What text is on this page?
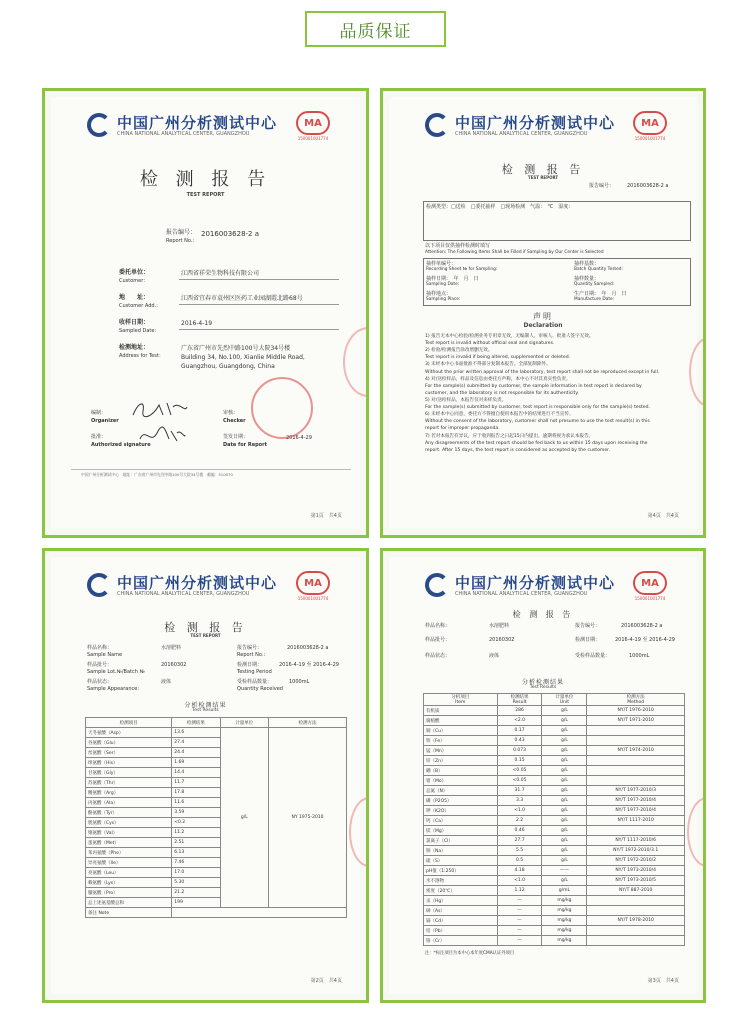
品质保证
中国广州分析测试中心
CHINA NATIONAL ANALYTICAL CENTER, GUANGZHOU
MA
150001001774
检 测 报 告
TEST REPORT
报告编号：
Report No.:
2016003628-2 a
委托单位：
Customer：
江西省祥荣生物科技有限公司
地　　址：
Customer Add.:
江西省宜春市袁州区医药工业园湖霞北路68号
收样日期：
Sampled Date:
2016-4-19
检测地址：
Address for Test：
广东省广州市先烈中路100号大院34号楼
Building 34, No.100, Xianlie Middle Road,
Guangzhou, Guangdong, China
编制：
Organizer
审核：
Checker
批准：
Authorized signature
签发日期：
Date for Report
2016-4-29
中国广州分析测试中心　地址：广东省广州市先烈中路100号大院34号楼　邮编：510070
第1页　共4页
中国广州分析测试中心
CHINA NATIONAL ANALYTICAL CENTER, GUANGZHOU
MA
150001001774
检 测 报 告
TEST REPORT
报告编号：	2016003628-2 a
检测类型：□送检　□委托抽样　□现场检测　气温：　℃　湿度：
以下项目仅供抽样检测时填写
Attention: The Following Items Shall be Filled if Sampling by Our Center is Selected
抽样单编号：
Recording Sheet № for Sampling:
抽样基数：
Batch Quantity Tested:
抽样日期：　年　月　日
Sampling Date:
抽样数量：
Quantity Sampled:
抽样地点：
Sampling Place:
生产日期：　年　月　日
Manufacture Date:
声明
Declaration

1) 报告无本中心检验/检测业务专用章无效，无编制人、审核人、批准人签字无效。

Test report is invalid without official seal and signatures.

2) 检验/检测报告涂改增删无效。

Test report is invalid if being altered, supplemented or deleted.

3) 未经本中心书面批准不得部分复制本报告。全部复制除外。

Without the prior written approval of the laboratory, test report shall not be reproduced except in full.

4) 对/送检样品，样品及信息由委托方声称，本中心不对其真实性负责。

For the sample(s) submitted by customer, the sample information in test report is declared by

customer, and the laboratory is not responsible for its authenticity.

5) 对/送检样品，本报告仅对来样负责。

For the sample(s) submitted by customer, test report is responsible only for the sample(s) tested.

6) 未经本中心同意，委托方不得擅自使用本报告中的结果进行不当宣传。

Without the consent of the laboratory, customer shall not presume to use the test result(s) in this

report for improper propaganda.

7) 若对本报告有异议，应于收到报告之日起15日内提出，逾期将视为承认本报告。

Any disagreements of the test report should be fed back to us within 15 days upon receiving the

report. After 15 days, the test report is considered as accepted by the customer.

第4页　共4页
中国广州分析测试中心
CHINA NATIONAL ANALYTICAL CENTER, GUANGZHOU
MA
150001001774
检 测 报 告
TEST REPORT
样品名称：
Sample Name
水溶肥料	报告编号：
Report No.:
2016003628-2 a
样品批号：
Sample Lot.№/Batch №
20160302	检测日期：
Testing Period
2016-4-19 至 2016-4-29
样品状态：
Sample Appearance:
液体	受检样品数量：
Quantity Received
1000mL
分析检测结果
Test Results
检测项目	检测结果	计量单位	检测方法
天冬氨酸（Asp）	13.6	g/L	NY 1975-2010
谷氨酸（Glu）	27.4		
丝氨酸（Ser）	24.4		
组氨酸（His）	1.69		
甘氨酸（Gly）	14.4		
苏氨酸（Thr）	11.7		
精氨酸（Arg）	17.8		
丙氨酸（Ala）	11.6		
酪氨酸（Tyr）	3.59		
胱氨酸（Cys）	<0.2		
缬氨酸（Val）	11.2		
蛋氨酸（Met）	2.51		
苯丙氨酸（Phe）	6.13		
异亮氨酸（Ile）	7.46		
亮氨酸（Leu）	17.0		
赖氨酸（Lys）	5.30		
脯氨酸（Pro）	21.2		
总上述氨基酸总和	199		
备注 Note			
第2页　共4页
中国广州分析测试中心
CHINA NATIONAL ANALYTICAL CENTER, GUANGZHOU
MA
150001001774
检 测 报 告
样品名称：	水溶肥料	报告编号：	2016003628-2 a
样品批号：	20160302	检测日期：	2016-4-19 至 2016-4-29
样品状态：	液体	受检样品数量：	1000mL
分析检测结果
Test Results
分析项目
Item	检测结果
Result	计量单位
Unit	检测方法
Method
有机质	286	g/L	NY/T 1976-2010
腐植酸	<2.0	g/L	NY/T 1971-2010
铜（Cu）	0.17	g/L	
铁（Fe）	0.43	g/L	
锰（Mn）	0.073	g/L	NY/T 1974-2010
锌（Zn）	0.15	g/L	
硼（B）	<0.05	g/L	
钼（Mo）	<0.05	g/L	
总氮（N）	31.7	g/L	NY/T 1977-2010/3
磷（P2O5）	3.3	g/L	NY/T 1977-2010/4
钾（K2O）	<1.0	g/L	NY/T 1977-2010/4
钙（Ca）	2.2	g/L	NY/T 1117-2010
镁（Mg）	0.46	g/L	
氯离子（Cl）	27.7	g/L	NY/T 1117-2010/6
钠（Na）	5.5	g/L	NY/T 1972-2010/3.1
硫（S）	0.5	g/L	NY/T 1972-2010/2
pH值（1:250）	4.18	——	NY/T 1973-2010/4
水不溶物	<1.0	g/L	NY/T 1973-2010/5
密度（20℃）	1.12	g/mL	NY/T 887-2010
汞（Hg）	—	mg/kg	
砷（As）	—	mg/kg	
镉（Cd）	—	mg/kg	NY/T 1978-2010
铅（Pb）	—	mg/kg	
铬（Cr）	—	mg/kg	
注：*标注项目为本中心本年度CMA认证外项目
第3页　共4页
